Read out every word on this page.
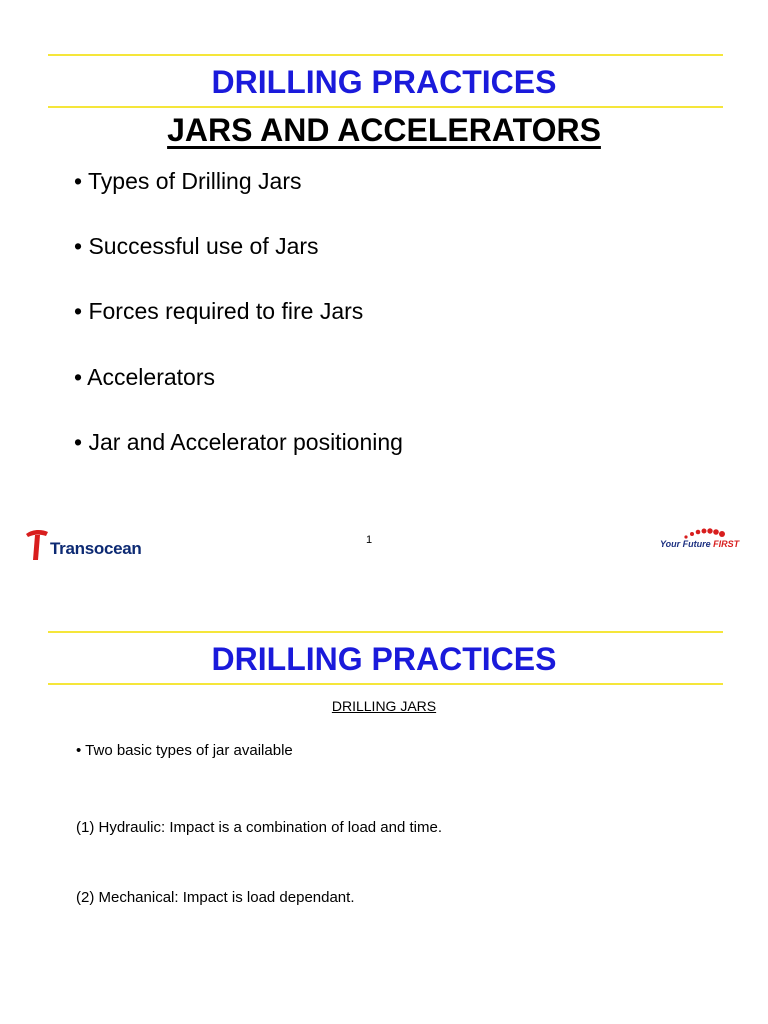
DRILLING PRACTICES
JARS AND ACCELERATORS
• Types of Drilling Jars
• Successful use of Jars
• Forces required to fire Jars
• Accelerators
• Jar and Accelerator positioning
Transocean	1	Your Future FIRST
DRILLING PRACTICES
DRILLING JARS
• Two basic types of jar available
(1) Hydraulic: Impact is a combination of load and time.
(2) Mechanical: Impact is load dependant.
